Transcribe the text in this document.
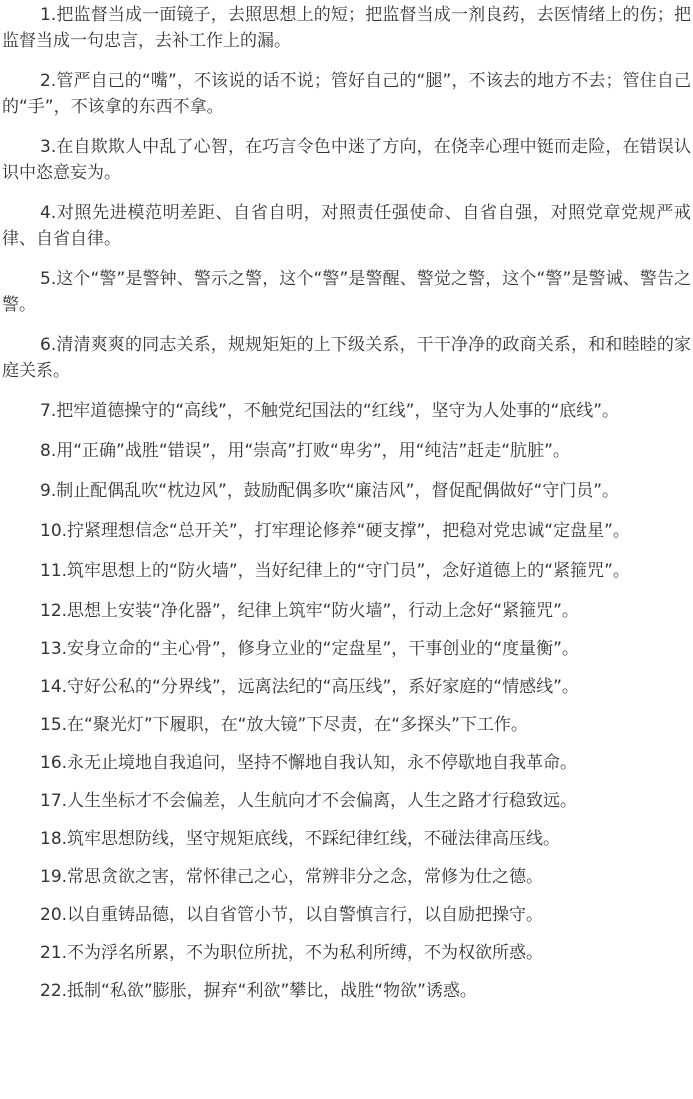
1.把监督当成一面镜子，去照思想上的短；把监督当成一剂良药，去医情绪上的伤；把监督当成一句忠言，去补工作上的漏。

2.管严自己的“嘴”，不该说的话不说；管好自己的“腿”，不该去的地方不去；管住自己的“手”，不该拿的东西不拿。

3.在自欺欺人中乱了心智，在巧言令色中迷了方向，在侥幸心理中铤而走险，在错误认识中恣意妄为。

4.对照先进模范明差距、自省自明，对照责任强使命、自省自强，对照党章党规严戒律、自省自律。

5.这个“警”是警钟、警示之警，这个“警”是警醒、警觉之警，这个“警”是警诫、警告之警。

6.清清爽爽的同志关系，规规矩矩的上下级关系，干干净净的政商关系，和和睦睦的家庭关系。

7.把牢道德操守的“高线”，不触党纪国法的“红线”，坚守为人处事的“底线”。

8.用“正确”战胜“错误”，用“崇高”打败“卑劣”，用“纯洁”赶走“肮脏”。

9.制止配偶乱吹“枕边风”，鼓励配偶多吹“廉洁风”，督促配偶做好“守门员”。

10.拧紧理想信念“总开关”，打牢理论修养“硬支撑”，把稳对党忠诚“定盘星”。

11.筑牢思想上的“防火墙”，当好纪律上的“守门员”，念好道德上的“紧箍咒”。

12.思想上安装“净化器”，纪律上筑牢“防火墙”，行动上念好“紧箍咒”。

13.安身立命的“主心骨”，修身立业的“定盘星”，干事创业的“度量衡”。

14.守好公私的“分界线”，远离法纪的“高压线”，系好家庭的“情感线”。

15.在“聚光灯”下履职，在“放大镜”下尽责，在“多探头”下工作。

16.永无止境地自我追问，坚持不懈地自我认知，永不停歇地自我革命。

17.人生坐标才不会偏差，人生航向才不会偏离，人生之路才行稳致远。

18.筑牢思想防线，坚守规矩底线，不踩纪律红线，不碰法律高压线。

19.常思贪欲之害，常怀律己之心，常辨非分之念，常修为仕之德。

20.以自重铸品德，以自省管小节，以自警慎言行，以自励把操守。

21.不为浮名所累，不为职位所扰，不为私利所缚，不为权欲所惑。

22.抵制“私欲”膨胀，摒弃“利欲”攀比，战胜“物欲”诱惑。
